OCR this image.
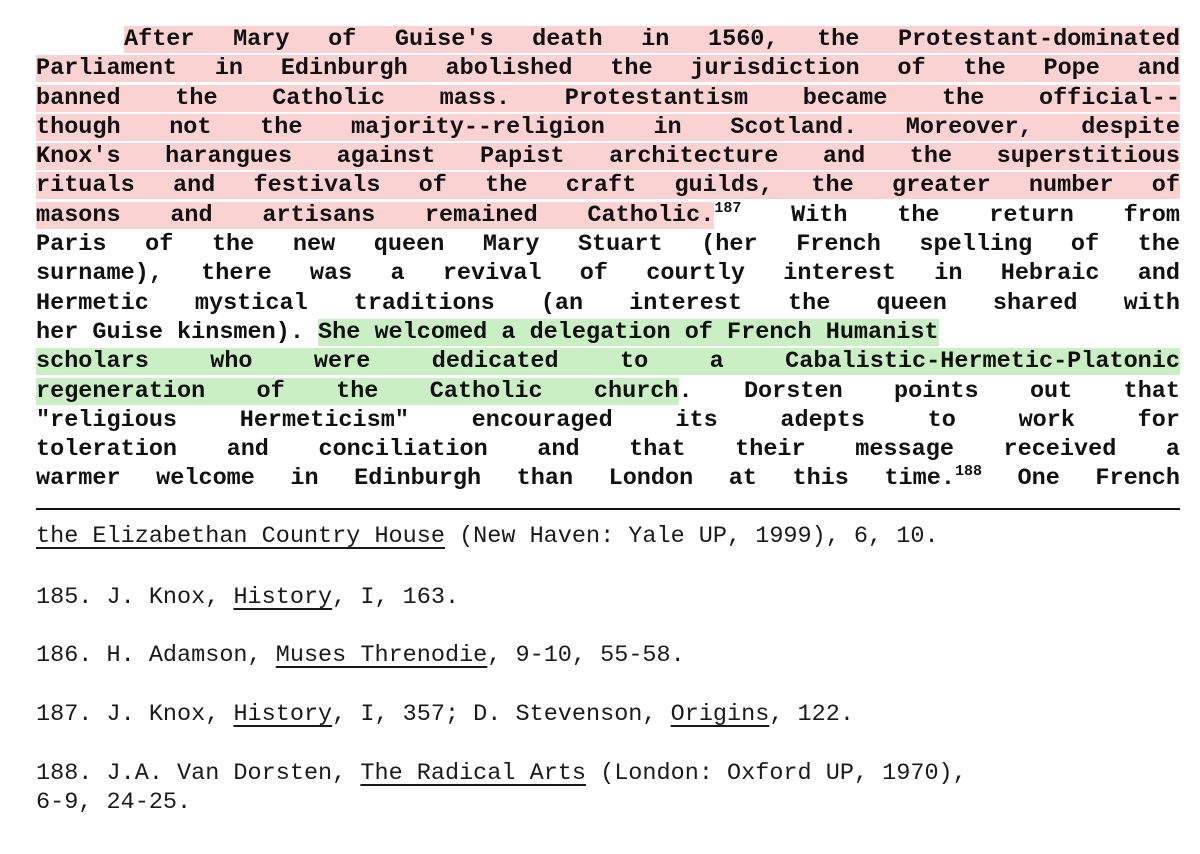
After Mary of Guise's death in 1560, the Protestant-dominated
Parliament in Edinburgh abolished the jurisdiction of the Pope and
banned the Catholic mass. Protestantism became the official--
though not the majority--religion in Scotland. Moreover, despite
Knox's harangues against Papist architecture and the superstitious
rituals and festivals of the craft guilds, the greater number of
masons and artisans remained Catholic.$^{187}$ With the return from
Paris of the new queen Mary Stuart (her French spelling of the
surname), there was a revival of courtly interest in Hebraic and
Hermetic mystical traditions (an interest the queen shared with
her Guise kinsmen). She welcomed a delegation of French Humanist
scholars who were dedicated to a Cabalistic-Hermetic-Platonic
regeneration of the Catholic church. Dorsten points out that
"religious Hermeticism" encouraged its adepts to work for
toleration and conciliation and that their message received a
warmer welcome in Edinburgh than London at this time.$^{188}$ One French
the Elizabethan Country House (New Haven: Yale UP, 1999), 6, 10.
185. J. Knox, History, I, 163.
186. H. Adamson, Muses Threnodie, 9-10, 55-58.
187. J. Knox, History, I, 357; D. Stevenson, Origins, 122.
188. J.A. Van Dorsten, The Radical Arts (London: Oxford UP, 1970),
6-9, 24-25.
